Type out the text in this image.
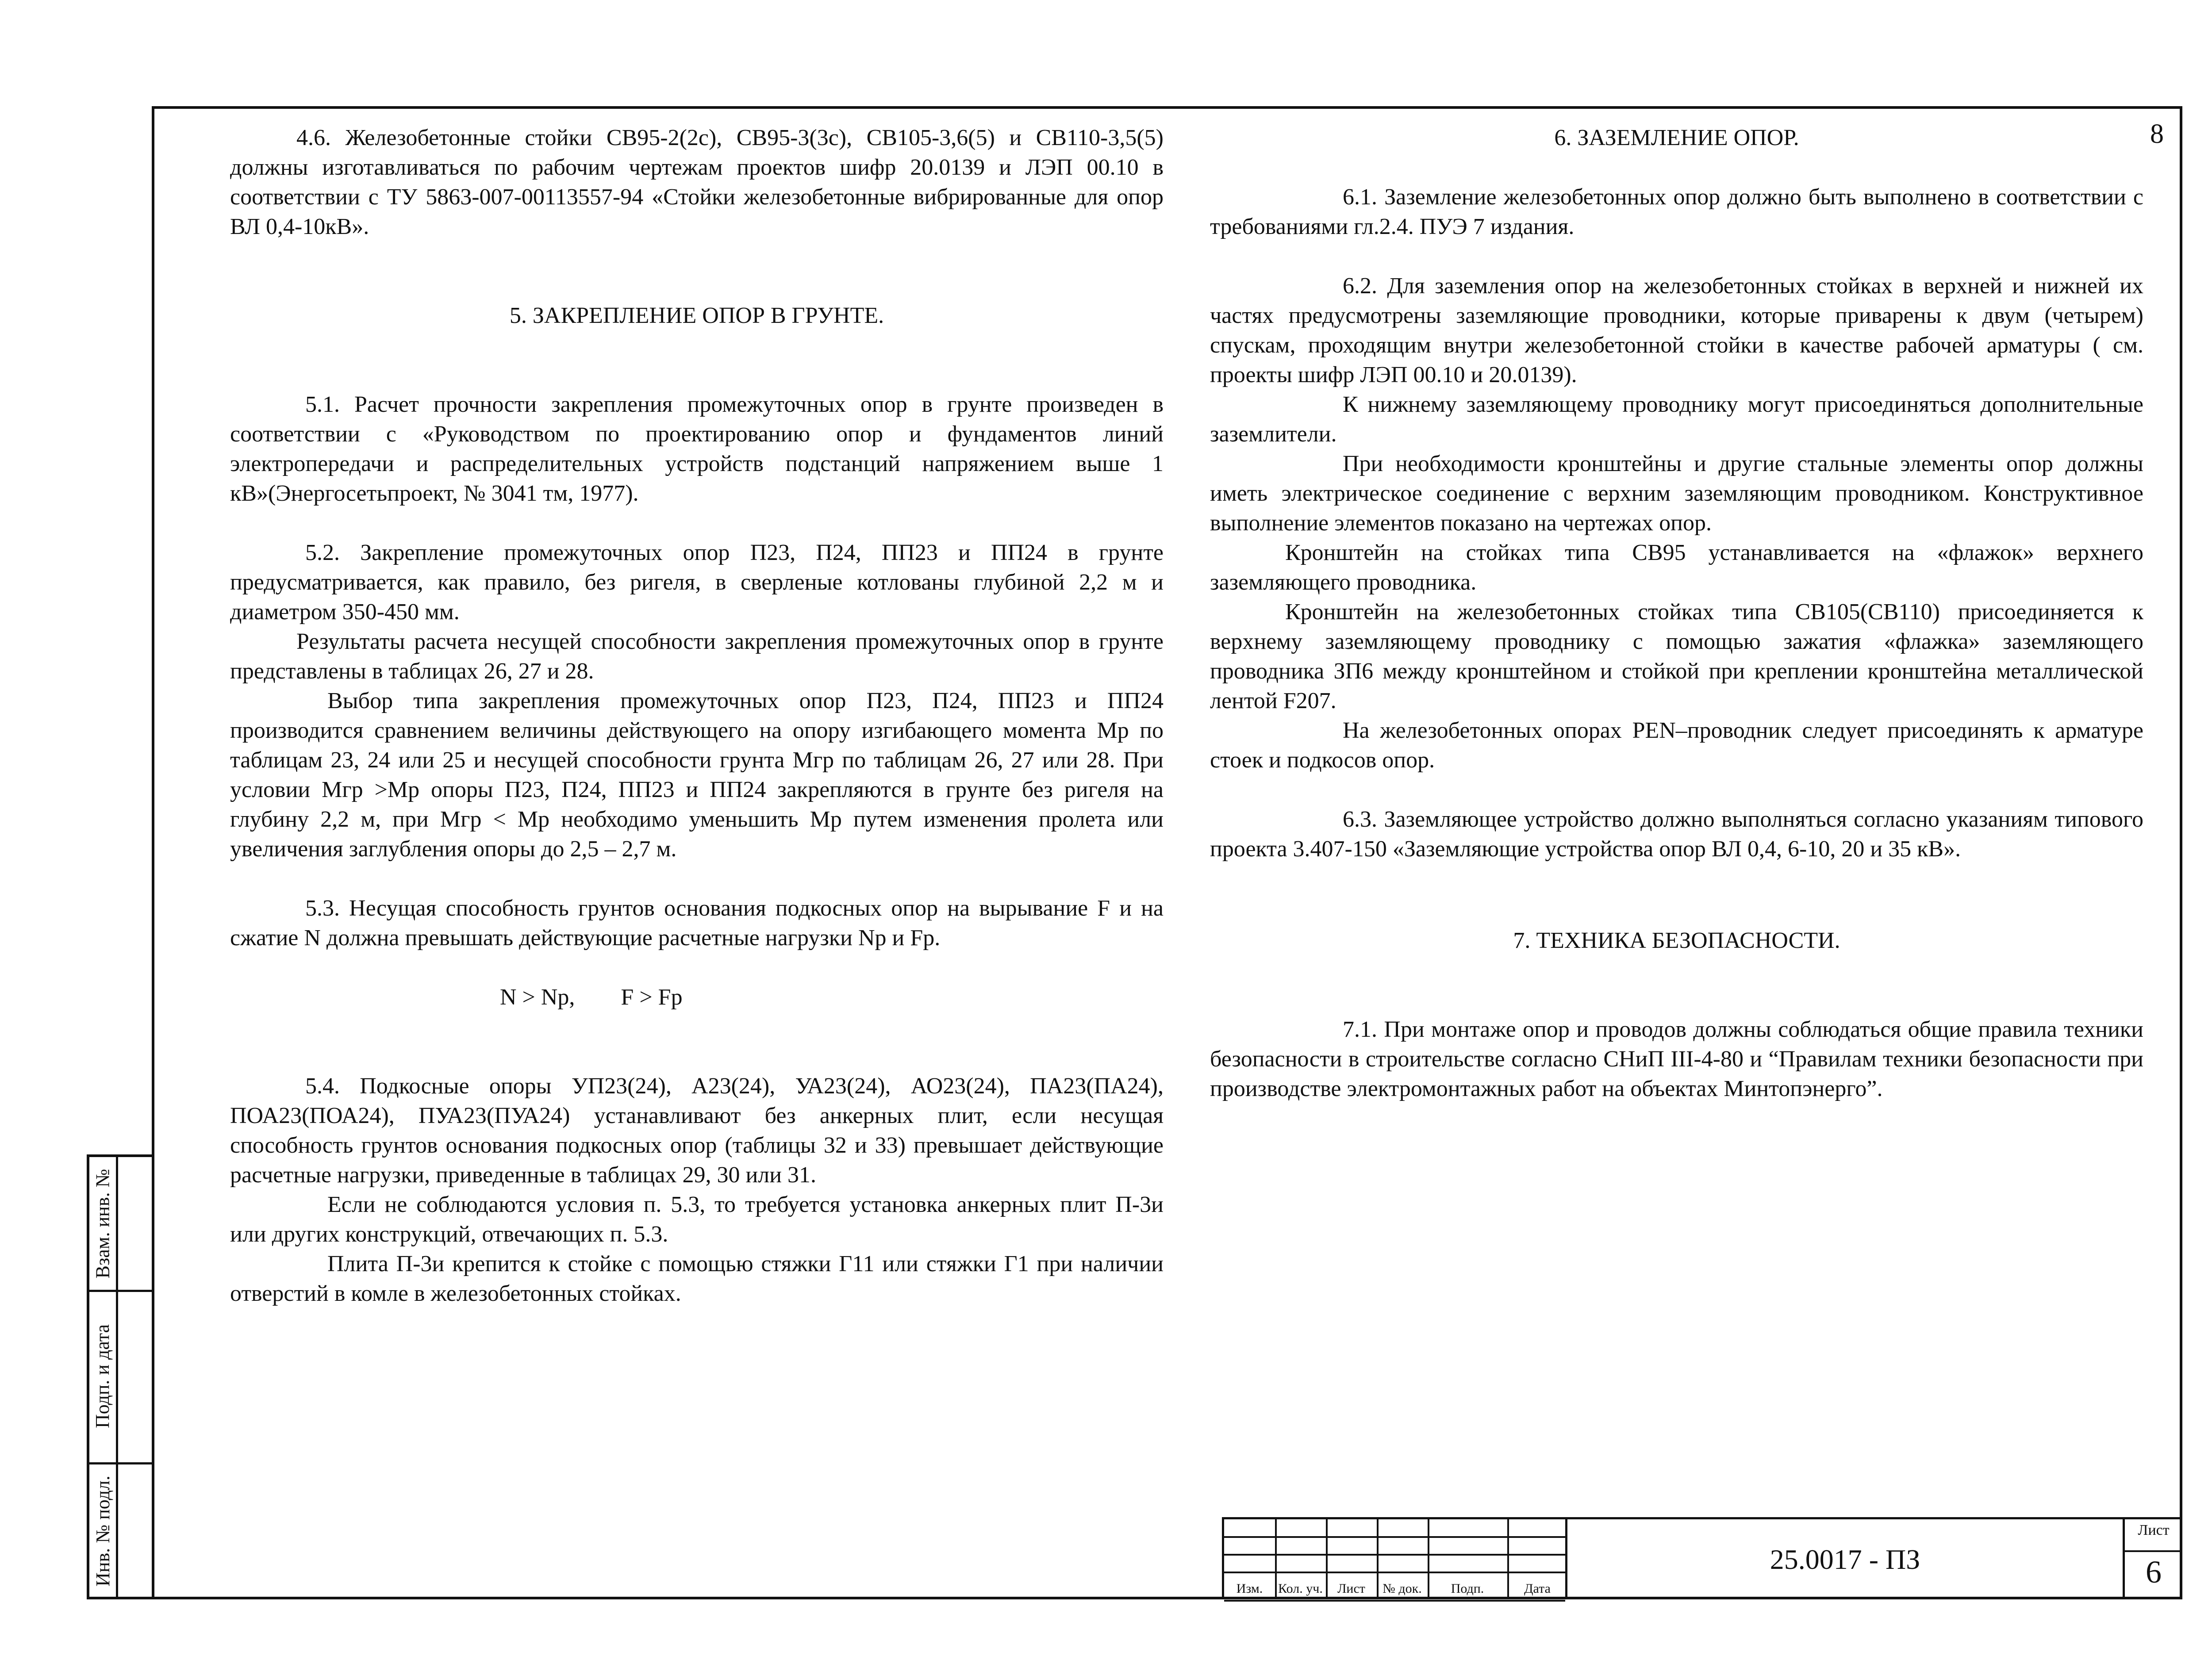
8

4.6. Железобетонные стойки СВ95-2(2с), СВ95-3(3с), СВ105-3,6(5) и СВ110-3,5(5) должны изготавливаться по рабочим чертежам проектов шифр 20.0139 и ЛЭП 00.10 в соответствии с ТУ 5863-007-00113557-94 «Стойки железобетонные вибрированные для опор ВЛ 0,4-10кВ».

5. ЗАКРЕПЛЕНИЕ ОПОР В ГРУНТЕ.

5.1. Расчет прочности закрепления промежуточных опор в грунте произведен в соответствии с «Руководством по проектированию опор и фундаментов линий электропередачи и распределительных устройств подстанций напряжением выше 1 кВ»(Энергосетьпроект, № 3041 тм, 1977).

5.2. Закрепление промежуточных опор П23, П24, ПП23 и ПП24 в грунте предусматривается, как правило, без ригеля, в сверленые котлованы глубиной 2,2 м и диаметром 350-450 мм.

Результаты расчета несущей способности закрепления промежуточных опор в грунте представлены в таблицах 26, 27 и 28.

Выбор типа закрепления промежуточных опор П23, П24, ПП23 и ПП24 производится сравнением величины действующего на опору изгибающего момента Мр по таблицам 23, 24 или 25 и несущей способности грунта Мгр по таблицам 26, 27 или 28. При условии Мгр >Мр опоры П23, П24, ПП23 и ПП24 закрепляются в грунте без ригеля на глубину 2,2 м, при Мгр < Мр необходимо уменьшить Мр путем изменения пролета или увеличения заглубления опоры до 2,5 – 2,7 м.

5.3. Несущая способность грунтов основания подкосных опор на вырывание F и на сжатие N должна превышать действующие расчетные нагрузки Np и Fp.

N > Np,        F > Fp

5.4. Подкосные опоры УП23(24), А23(24), УА23(24), АО23(24), ПА23(ПА24), ПОА23(ПОА24), ПУА23(ПУА24) устанавливают без анкерных плит, если несущая способность грунтов основания подкосных опор (таблицы 32 и 33) превышает действующие расчетные нагрузки, приведенные в таблицах 29, 30 или 31.

Если не соблюдаются условия п. 5.3, то требуется установка анкерных плит П-3и или других конструкций, отвечающих п. 5.3.

Плита П-3и крепится к стойке с помощью стяжки Г11 или стяжки Г1 при наличии отверстий в комле в железобетонных стойках.

6. ЗАЗЕМЛЕНИЕ ОПОР.

6.1. Заземление железобетонных опор должно быть выполнено в соответствии с требованиями гл.2.4. ПУЭ 7 издания.

6.2. Для заземления опор на железобетонных стойках в верхней и нижней их частях предусмотрены заземляющие проводники, которые приварены к двум (четырем) спускам, проходящим внутри железобетонной стойки в качестве рабочей арматуры ( см. проекты шифр ЛЭП 00.10 и 20.0139).

К нижнему заземляющему проводнику могут присоединяться дополнительные заземлители.

При необходимости кронштейны и другие стальные элементы опор должны иметь электрическое соединение с верхним заземляющим проводником. Конструктивное выполнение элементов показано на чертежах опор.

Кронштейн на стойках типа СВ95 устанавливается на «флажок» верхнего заземляющего проводника.

Кронштейн на железобетонных стойках типа СВ105(СВ110) присоединяется к верхнему заземляющему проводнику с помощью зажатия «флажка» заземляющего проводника ЗП6 между кронштейном и стойкой при креплении кронштейна металлической лентой F207.

На железобетонных опорах PEN–проводник следует присоединять к арматуре стоек и подкосов опор.

6.3. Заземляющее устройство должно выполняться согласно указаниям типового проекта 3.407-150 «Заземляющие устройства опор ВЛ 0,4, 6-10, 20 и 35 кВ».

7. ТЕХНИКА БЕЗОПАСНОСТИ.

7.1. При монтаже опор и проводов должны соблюдаться общие правила техники безопасности в строительстве согласно СНиП III-4-80 и “Правилам техники безопасности при производстве электромонтажных работ на объектах Минтопэнерго”.

Взам. инв. №
Подп. и дата
Инв. № подл.
Изм.	Кол. уч.	Лист	№ док.	Подп.	Дата
25.0017 - ПЗ
Лист
6
